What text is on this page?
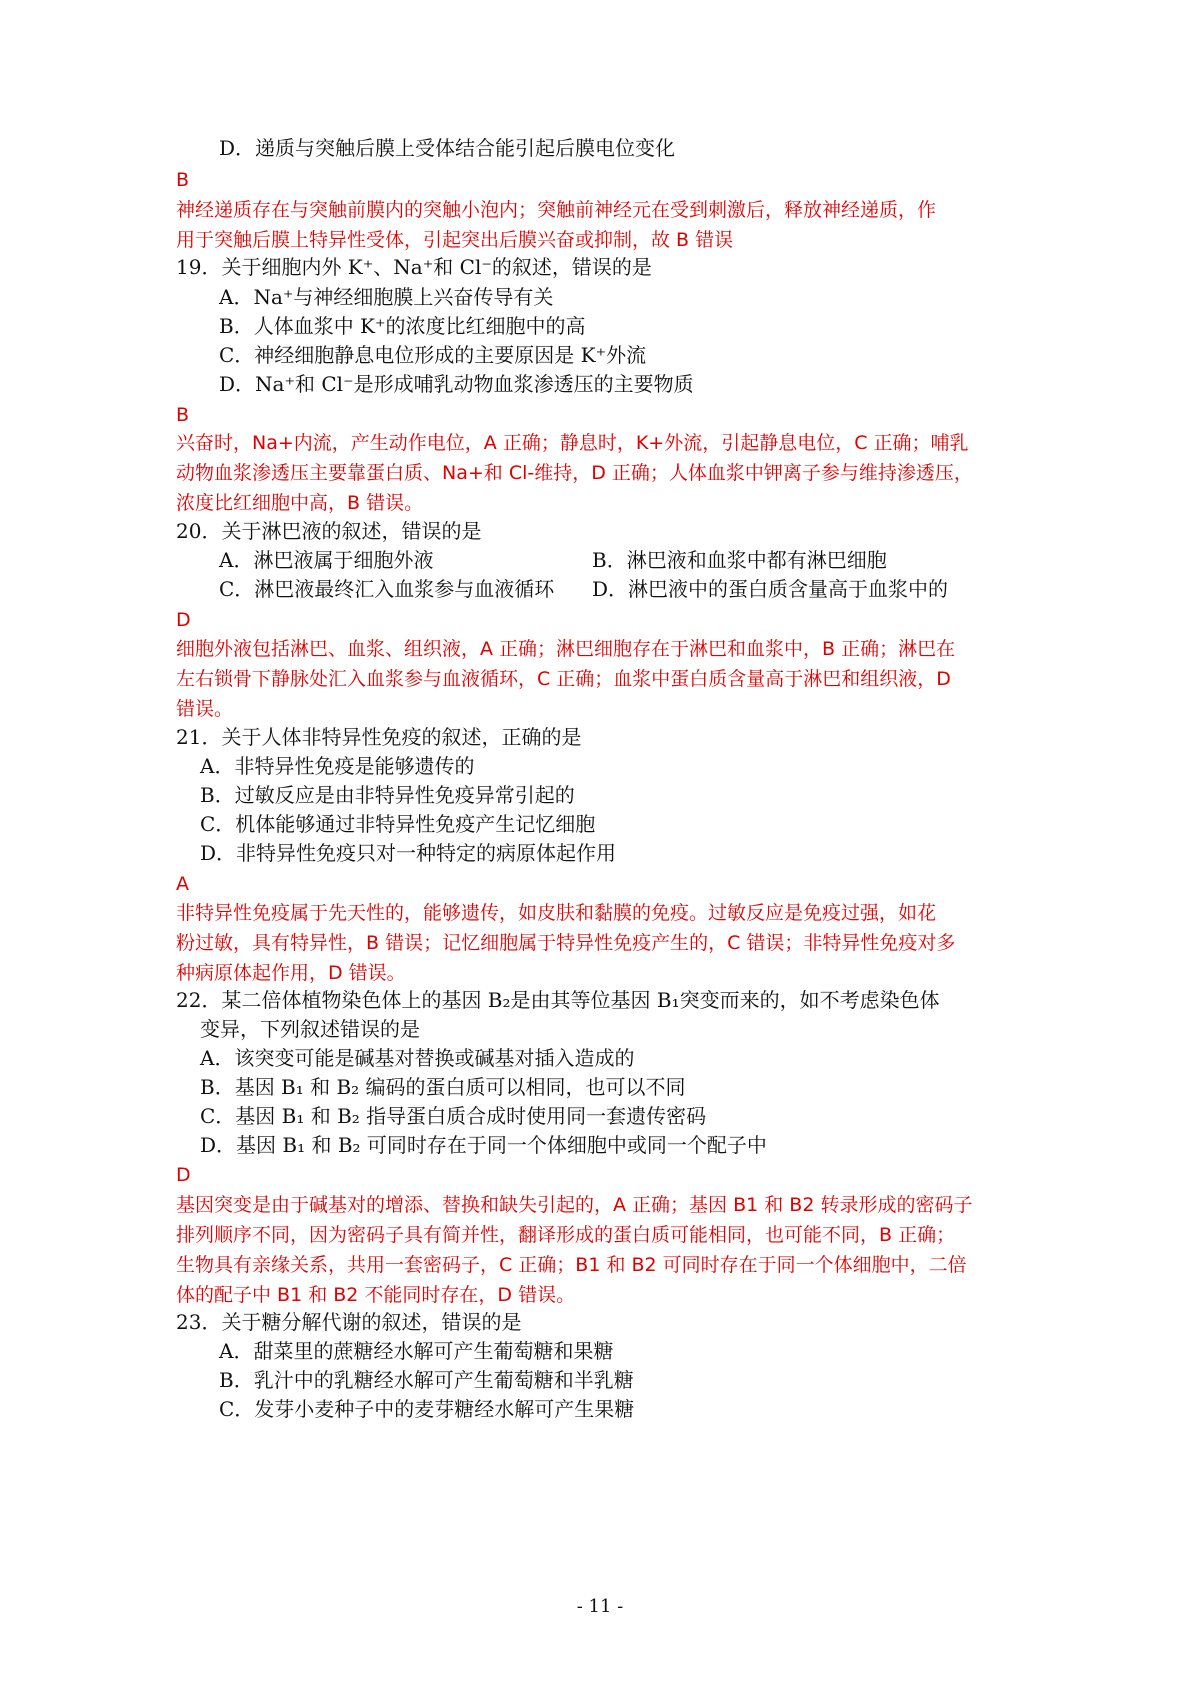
D．递质与突触后膜上受体结合能引起后膜电位变化
B
神经递质存在与突触前膜内的突触小泡内；突触前神经元在受到刺激后，释放神经递质，作
用于突触后膜上特异性受体，引起突出后膜兴奋或抑制，故 B 错误
19．关于细胞内外 K⁺、Na⁺和 Cl⁻的叙述，错误的是
A．Na⁺与神经细胞膜上兴奋传导有关
B．人体血浆中 K⁺的浓度比红细胞中的高
C．神经细胞静息电位形成的主要原因是 K⁺外流
D．Na⁺和 Cl⁻是形成哺乳动物血浆渗透压的主要物质
B
兴奋时，Na+内流，产生动作电位，A 正确；静息时，K+外流，引起静息电位，C 正确；哺乳
动物血浆渗透压主要靠蛋白质、Na+和 Cl-维持，D 正确；人体血浆中钾离子参与维持渗透压，
浓度比红细胞中高，B 错误。
20．关于淋巴液的叙述，错误的是
A．淋巴液属于细胞外液	B．淋巴液和血浆中都有淋巴细胞
C．淋巴液最终汇入血浆参与血液循环 D．淋巴液中的蛋白质含量高于血浆中的
D
细胞外液包括淋巴、血浆、组织液，A 正确；淋巴细胞存在于淋巴和血浆中，B 正确；淋巴在
左右锁骨下静脉处汇入血浆参与血液循环，C 正确；血浆中蛋白质含量高于淋巴和组织液，D
错误。
21．关于人体非特异性免疫的叙述，正确的是
A．非特异性免疫是能够遗传的
B．过敏反应是由非特异性免疫异常引起的
C．机体能够通过非特异性免疫产生记忆细胞
D．非特异性免疫只对一种特定的病原体起作用
A
非特异性免疫属于先天性的，能够遗传，如皮肤和黏膜的免疫。过敏反应是免疫过强，如花
粉过敏，具有特异性，B 错误；记忆细胞属于特异性免疫产生的，C 错误；非特异性免疫对多
种病原体起作用，D 错误。
22．某二倍体植物染色体上的基因 B₂是由其等位基因 B₁突变而来的，如不考虑染色体
变异，下列叙述错误的是
A．该突变可能是碱基对替换或碱基对插入造成的
B．基因 B₁ 和 B₂ 编码的蛋白质可以相同，也可以不同
C．基因 B₁ 和 B₂ 指导蛋白质合成时使用同一套遗传密码
D．基因 B₁ 和 B₂ 可同时存在于同一个体细胞中或同一个配子中
D
基因突变是由于碱基对的增添、替换和缺失引起的，A 正确；基因 B1 和 B2 转录形成的密码子
排列顺序不同，因为密码子具有简并性，翻译形成的蛋白质可能相同，也可能不同，B 正确；
生物具有亲缘关系，共用一套密码子，C 正确；B1 和 B2 可同时存在于同一个体细胞中，二倍
体的配子中 B1 和 B2 不能同时存在，D 错误。
23．关于糖分解代谢的叙述，错误的是
A．甜菜里的蔗糖经水解可产生葡萄糖和果糖
B．乳汁中的乳糖经水解可产生葡萄糖和半乳糖
C．发芽小麦种子中的麦芽糖经水解可产生果糖
- 11 -
